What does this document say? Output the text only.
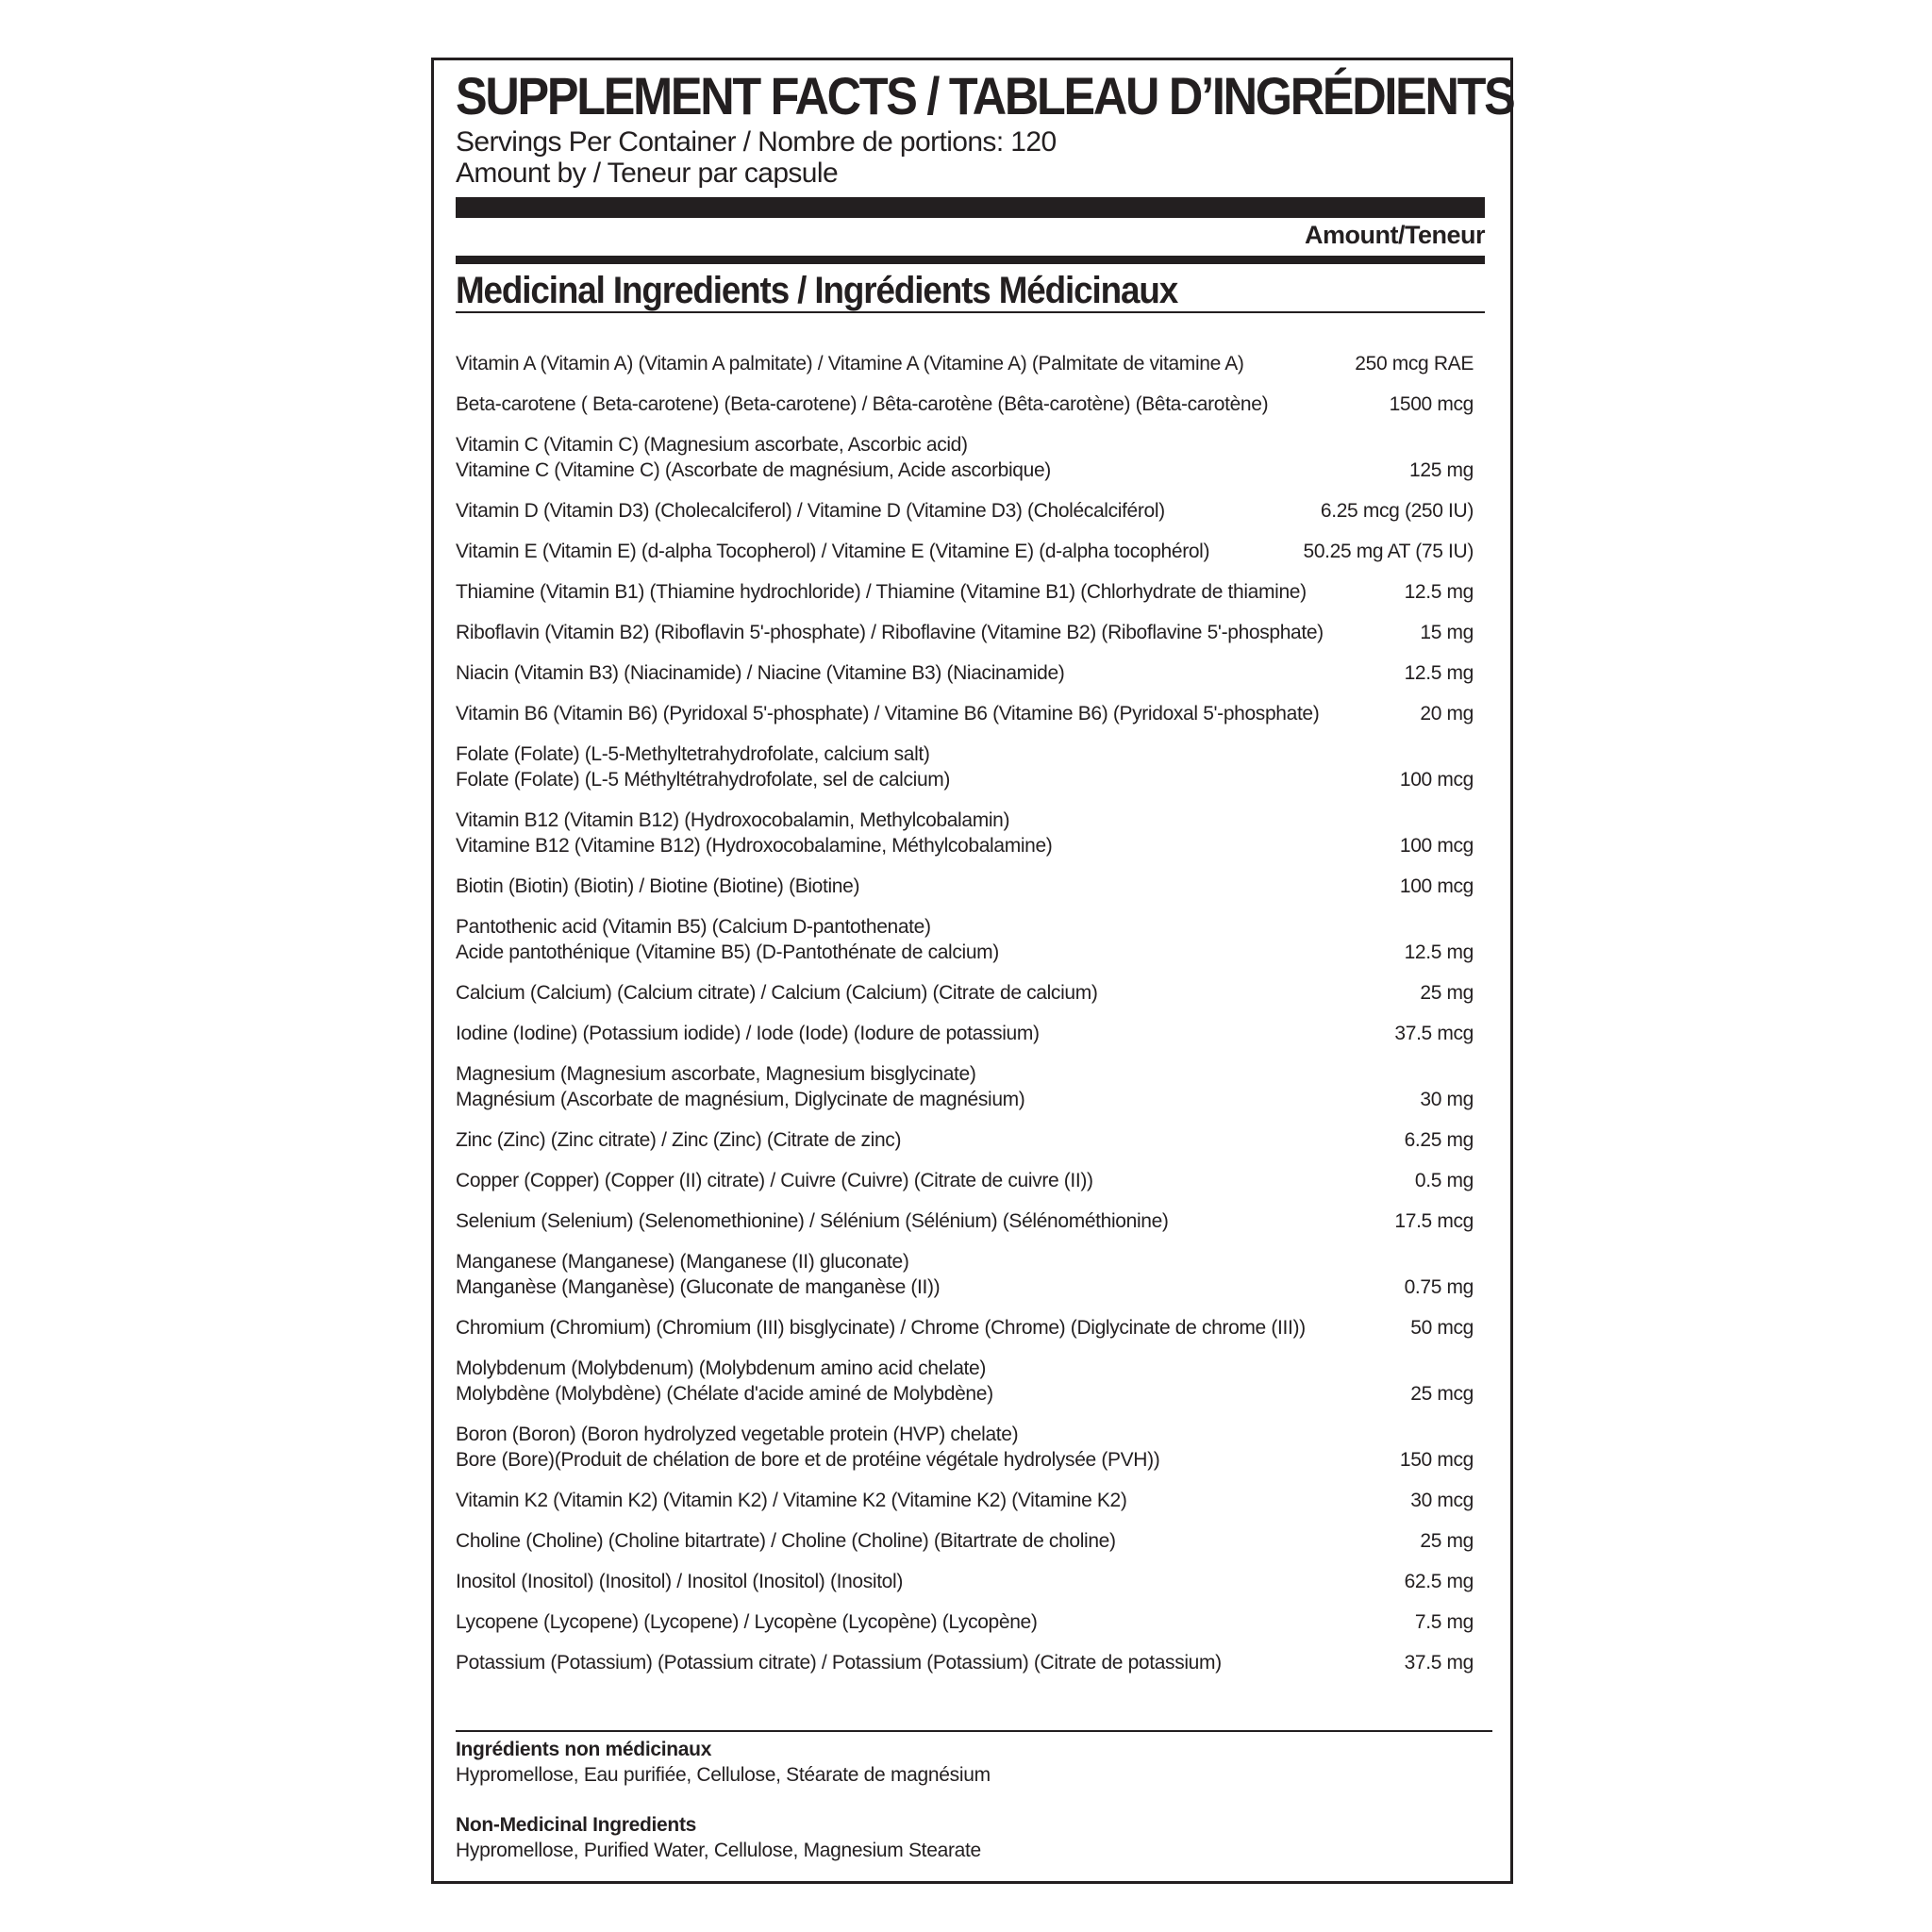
SUPPLEMENT FACTS / TABLEAU D’INGRÉDIENTS
Servings Per Container / Nombre de portions: 120
Amount by / Teneur par capsule
Amount/Teneur
Medicinal Ingredients / Ingrédients Médicinaux
Vitamin A (Vitamin A) (Vitamin A palmitate) / Vitamine A (Vitamine A) (Palmitate de vitamine A)	250 mcg RAE
Beta-carotene ( Beta-carotene) (Beta-carotene) / Bêta-carotène (Bêta-carotène) (Bêta-carotène)	1500 mcg
Vitamin C (Vitamin C) (Magnesium ascorbate, Ascorbic acid)
Vitamine C (Vitamine C) (Ascorbate de magnésium, Acide ascorbique)	125 mg
Vitamin D (Vitamin D3) (Cholecalciferol) / Vitamine D (Vitamine D3) (Cholécalciférol)	6.25 mcg (250 IU)
Vitamin E (Vitamin E) (d-alpha Tocopherol) / Vitamine E (Vitamine E) (d-alpha tocophérol)	50.25 mg AT (75 IU)
Thiamine (Vitamin B1) (Thiamine hydrochloride) / Thiamine (Vitamine B1) (Chlorhydrate de thiamine)	12.5 mg
Riboflavin (Vitamin B2) (Riboflavin 5'-phosphate) / Riboflavine (Vitamine B2) (Riboflavine 5'-phosphate)	15 mg
Niacin (Vitamin B3) (Niacinamide) / Niacine (Vitamine B3) (Niacinamide)	12.5 mg
Vitamin B6 (Vitamin B6) (Pyridoxal 5'-phosphate) / Vitamine B6 (Vitamine B6) (Pyridoxal 5'-phosphate)	20 mg
Folate (Folate) (L-5-Methyltetrahydrofolate, calcium salt)
Folate (Folate) (L-5 Méthyltétrahydrofolate, sel de calcium)	100 mcg
Vitamin B12 (Vitamin B12) (Hydroxocobalamin, Methylcobalamin)
Vitamine B12 (Vitamine B12) (Hydroxocobalamine, Méthylcobalamine)	100 mcg
Biotin (Biotin) (Biotin) / Biotine (Biotine) (Biotine)	100 mcg
Pantothenic acid (Vitamin B5) (Calcium D-pantothenate)
Acide pantothénique (Vitamine B5) (D-Pantothénate de calcium)	12.5 mg
Calcium (Calcium) (Calcium citrate) / Calcium (Calcium) (Citrate de calcium)	25 mg
Iodine (Iodine) (Potassium iodide) / Iode (Iode) (Iodure de potassium)	37.5 mcg
Magnesium (Magnesium ascorbate, Magnesium bisglycinate)
Magnésium (Ascorbate de magnésium, Diglycinate de magnésium)	30 mg
Zinc (Zinc) (Zinc citrate) / Zinc (Zinc) (Citrate de zinc)	6.25 mg
Copper (Copper) (Copper (II) citrate) / Cuivre (Cuivre) (Citrate de cuivre (II))	0.5 mg
Selenium (Selenium) (Selenomethionine) / Sélénium (Sélénium) (Sélénométhionine)	17.5 mcg
Manganese (Manganese) (Manganese (II) gluconate)
Manganèse (Manganèse) (Gluconate de manganèse (II))	0.75 mg
Chromium (Chromium) (Chromium (III) bisglycinate) / Chrome (Chrome) (Diglycinate de chrome (III))	50 mcg
Molybdenum (Molybdenum) (Molybdenum amino acid chelate)
Molybdène (Molybdène) (Chélate d'acide aminé de Molybdène)	25 mcg
Boron (Boron) (Boron hydrolyzed vegetable protein (HVP) chelate)
Bore (Bore)(Produit de chélation de bore et de protéine végétale hydrolysée (PVH))	150 mcg
Vitamin K2 (Vitamin K2) (Vitamin K2) / Vitamine K2 (Vitamine K2) (Vitamine K2)	30 mcg
Choline (Choline) (Choline bitartrate) / Choline (Choline) (Bitartrate de choline)	25 mg
Inositol (Inositol) (Inositol) / Inositol (Inositol) (Inositol)	62.5 mg
Lycopene (Lycopene) (Lycopene) / Lycopène (Lycopène) (Lycopène)	7.5 mg
Potassium (Potassium) (Potassium citrate) / Potassium (Potassium) (Citrate de potassium)	37.5 mg
Ingrédients non médicinaux
Hypromellose, Eau purifiée, Cellulose, Stéarate de magnésium
Non-Medicinal Ingredients
Hypromellose, Purified Water, Cellulose, Magnesium Stearate
